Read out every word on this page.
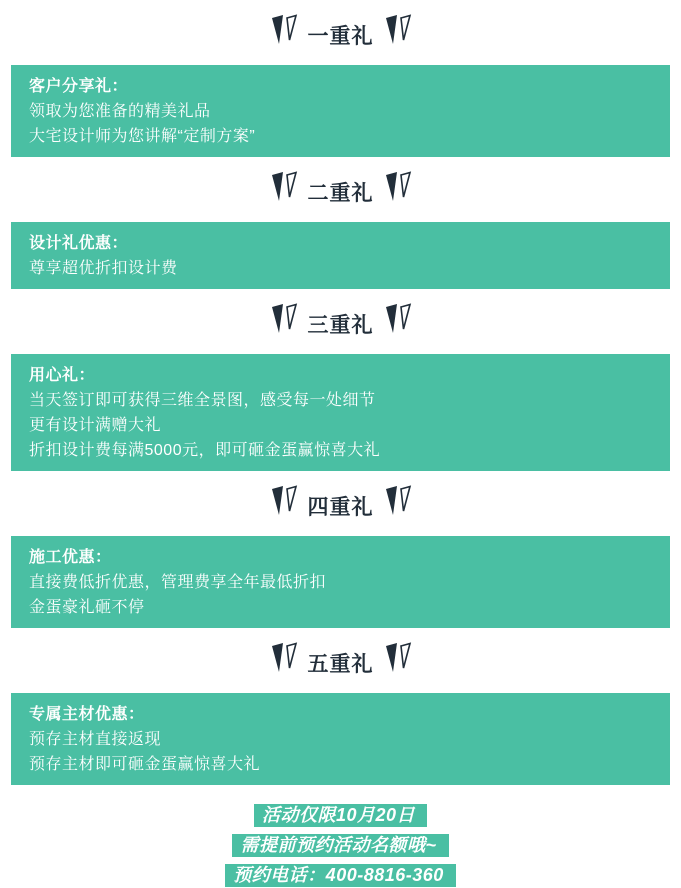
一重礼

客户分享礼：

领取为您准备的精美礼品

大宅设计师为您讲解“定制方案”

二重礼

设计礼优惠：

尊享超优折扣设计费

三重礼

用心礼：

当天签订即可获得三维全景图，感受每一处细节

更有设计满赠大礼

折扣设计费每满5000元，即可砸金蛋赢惊喜大礼

四重礼

施工优惠：

直接费低折优惠，管理费享全年最低折扣

金蛋豪礼砸不停

五重礼

专属主材优惠：

预存主材直接返现

预存主材即可砸金蛋赢惊喜大礼

活动仅限10月20日
需提前预约活动名额哦~
预约电话：400-8816-360
